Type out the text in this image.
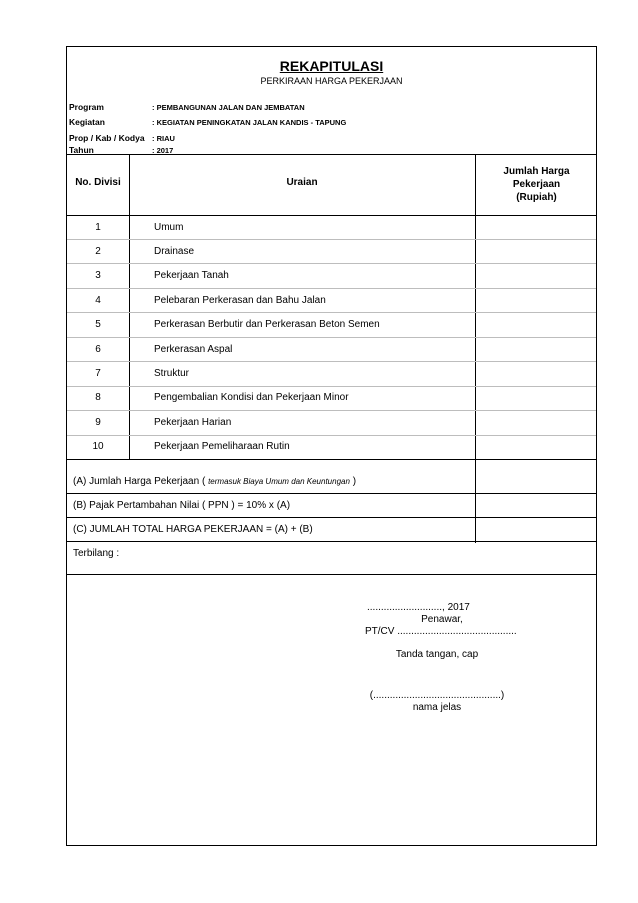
REKAPITULASI
PERKIRAAN HARGA PEKERJAAN
Program	: PEMBANGUNAN JALAN DAN JEMBATAN
Kegiatan	: KEGIATAN PENINGKATAN JALAN KANDIS - TAPUNG
Prop / Kab / Kodya : RIAU
Tahun	: 2017
No. Divisi	Uraian
Jumlah Harga
Pekerjaan
(Rupiah)
1	Umum
2	Drainase
3	Pekerjaan Tanah
4	Pelebaran Perkerasan dan Bahu Jalan
5	Perkerasan Berbutir dan Perkerasan Beton Semen
6	Perkerasan Aspal
7	Struktur
8	Pengembalian Kondisi dan Pekerjaan Minor
9	Pekerjaan Harian
10	Pekerjaan Pemeliharaan Rutin
(A) Jumlah Harga Pekerjaan ( termasuk Biaya Umum dan Keuntungan )
(B) Pajak Pertambahan Nilai ( PPN ) = 10% x (A)
(C) JUMLAH TOTAL HARGA PEKERJAAN = (A) + (B)
Terbilang :
..........................., 2017
Penawar,
PT/CV ...........................................
Tanda tangan, cap
(..............................................)
nama jelas
